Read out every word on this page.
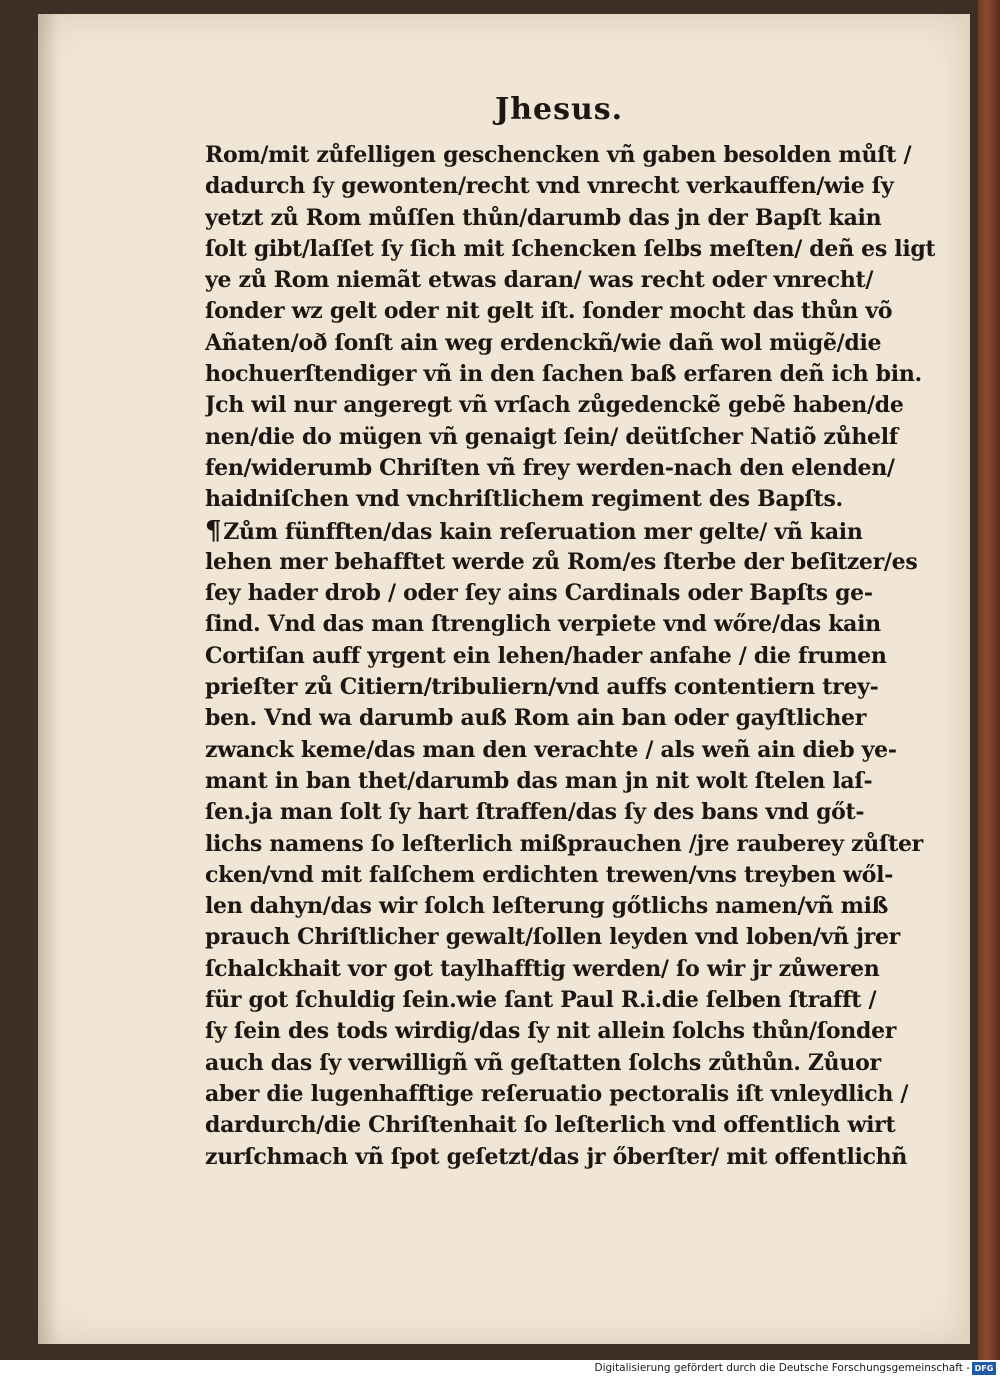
Jhesus.
Rom/mit zůfelligen geschencken vñ gaben besolden můſt /
dadurch ſy gewonten/recht vnd vnrecht verkauffen/wie ſy
yetzt zů Rom můſſen thůn/darumb das jn der Bapſt kain
ſolt gibt/laſſet ſy ſich mit ſchencken ſelbs meſten/ deñ es ligt
ye zů Rom niemãt etwas daran/ was recht oder vnrecht/
ſonder wz gelt oder nit gelt iſt. ſonder mocht das thůn võ
Añaten/oð ſonſt ain weg erdenckñ/wie dañ wol mügẽ/die
hochuerſtendiger vñ in den ſachen baß erfaren deñ ich bin.
Jch wil nur angeregt vñ vrſach zůgedenckẽ gebẽ haben/de
nen/die do mügen vñ genaigt ſein/ deütſcher Natiõ zůhelf
fen/widerumb Chriſten vñ frey werden-nach den elenden/
haidniſchen vnd vnchriſtlichem regiment des Bapſts.
¶Zům fünfften/das kain reſeruation mer gelte/ vñ kain
lehen mer behafftet werde zů Rom/es ſterbe der beſitzer/es
ſey hader drob / oder ſey ains Cardinals oder Bapſts ge-
ſind. Vnd das man ſtrenglich verpiete vnd wőre/das kain
Cortiſan auff yrgent ein lehen/hader anfahe / die frumen
prieſter zů Citiern/tribuliern/vnd auffs contentiern trey-
ben. Vnd wa darumb auß Rom ain ban oder gayſtlicher
zwanck keme/das man den verachte / als weñ ain dieb ye-
mant in ban thet/darumb das man jn nit wolt ſtelen laſ-
ſen.ja man ſolt ſy hart ſtraffen/das ſy des bans vnd gőt-
lichs namens ſo leſterlich mißprauchen /jre rauberey zůſter
cken/vnd mit falſchem erdichten trewen/vns treyben wől-
len dahyn/das wir ſolch leſterung gőtlichs namen/vñ miß
prauch Chriſtlicher gewalt/ſollen leyden vnd loben/vñ jrer
ſchalckhait vor got taylhafftig werden/ ſo wir jr zůweren
für got ſchuldig ſein.wie ſant Paul R.i.die ſelben ſtrafft /
ſy ſein des tods wirdig/das ſy nit allein ſolchs thůn/ſonder
auch das ſy verwilligñ vñ geſtatten ſolchs zůthůn. Zůuor
aber die lugenhafftige reſeruatio pectoralis iſt vnleydlich /
dardurch/die Chriſtenhait ſo leſterlich vnd offentlich wirt
zurſchmach vñ ſpot geſetzt/das jr őberſter/ mit offentlichñ
Digitalisierung gefördert durch die Deutsche Forschungsgemeinschaft - DFG
